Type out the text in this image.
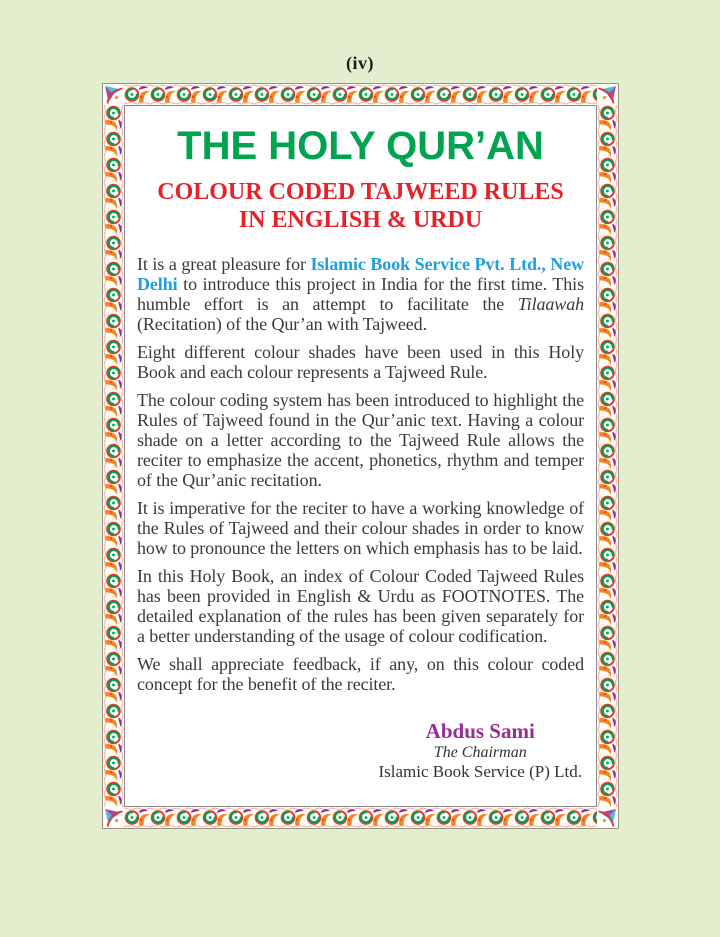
(iv)
THE HOLY QUR’AN
COLOUR CODED TAJWEED RULES
IN ENGLISH & URDU

It is a great pleasure for Islamic Book Service Pvt. Ltd., New Delhi to introduce this project in India for the first time. This humble effort is an attempt to facilitate the Tilaawah (Recitation) of the Qur’an with Tajweed.

Eight different colour shades have been used in this Holy Book and each colour represents a Tajweed Rule.

The colour coding system has been introduced to highlight the Rules of Tajweed found in the Qur’anic text. Having a colour shade on a letter according to the Tajweed Rule allows the reciter to emphasize the accent, phonetics, rhythm and temper of the Qur’anic recitation.

It is imperative for the reciter to have a working knowledge of the Rules of Tajweed and their colour shades in order to know how to pronounce the letters on which emphasis has to be laid.

In this Holy Book, an index of Colour Coded Tajweed Rules has been provided in English & Urdu as FOOTNOTES. The detailed explanation of the rules has been given separately for a better understanding of the usage of colour codification.

We shall appreciate feedback, if any, on this colour coded concept for the benefit of the reciter.

Abdus Sami
The Chairman
Islamic Book Service (P) Ltd.
